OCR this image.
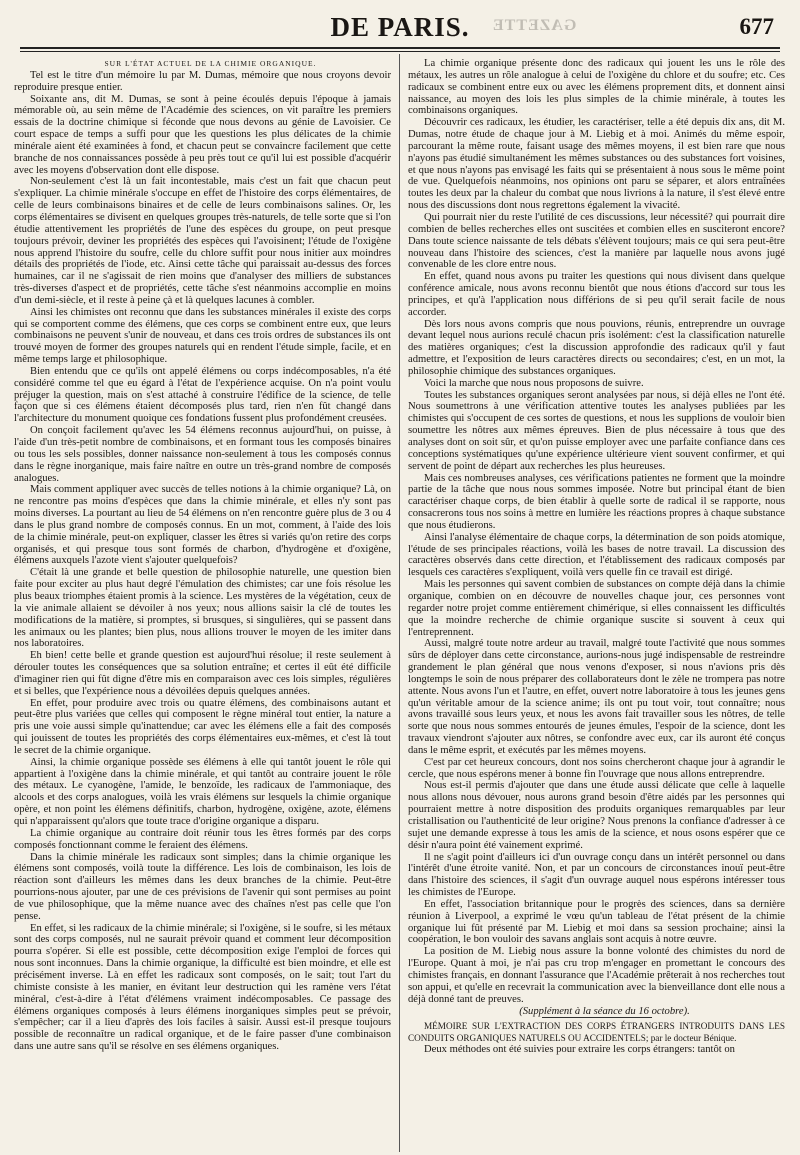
GAZETTE
DE PARIS.	677

SUR L'ÉTAT ACTUEL DE LA CHIMIE ORGANIQUE.

Tel est le titre d'un mémoire lu par M. Dumas, mémoire que nous croyons devoir reproduire presque entier.

Soixante ans, dit M. Dumas, se sont à peine écoulés depuis l'époque à jamais mémorable où, au sein même de l'Académie des sciences, on vit paraître les premiers essais de la doctrine chimique si féconde que nous devons au génie de Lavoisier. Ce court espace de temps a suffi pour que les questions les plus délicates de la chimie minérale aient été examinées à fond, et chacun peut se convaincre facilement que cette branche de nos connaissances possède à peu près tout ce qu'il lui est possible d'acquérir avec les moyens d'observation dont elle dispose.

Non-seulement c'est là un fait incontestable, mais c'est un fait que chacun peut s'expliquer. La chimie minérale s'occupe en effet de l'histoire des corps élémentaires, de celle de leurs combinaisons binaires et de celle de leurs combinaisons salines. Or, les corps élémentaires se divisent en quelques groupes très-naturels, de telle sorte que si l'on étudie attentivement les propriétés de l'une des espèces du groupe, on peut presque toujours prévoir, deviner les propriétés des espèces qui l'avoisinent; l'étude de l'oxigène nous apprend l'histoire du soufre, celle du chlore suffit pour nous initier aux moindres détails des propriétés de l'iode, etc. Ainsi cette tâche qui paraissait au-dessus des forces humaines, car il ne s'agissait de rien moins que d'analyser des milliers de substances très-diverses d'aspect et de propriétés, cette tâche s'est néanmoins accomplie en moins d'un demi-siècle, et il reste à peine çà et là quelques lacunes à combler.

Ainsi les chimistes ont reconnu que dans les substances minérales il existe des corps qui se comportent comme des élémens, que ces corps se combinent entre eux, que leurs combinaisons ne peuvent s'unir de nouveau, et dans ces trois ordres de substances ils ont trouvé moyen de former des groupes naturels qui en rendent l'étude simple, facile, et en même temps large et philosophique.

Bien entendu que ce qu'ils ont appelé élémens ou corps indécomposables, n'a été considéré comme tel que eu égard à l'état de l'expérience acquise. On n'a point voulu préjuger la question, mais on s'est attaché à construire l'édifice de la science, de telle façon que si ces élémens étaient décomposés plus tard, rien n'en fût changé dans l'architecture du monument quoique ces fondations fussent plus profondément creusées.

On conçoit facilement qu'avec les 54 élémens reconnus aujourd'hui, on puisse, à l'aide d'un très-petit nombre de combinaisons, et en formant tous les composés binaires ou tous les sels possibles, donner naissance non-seulement à tous les composés connus dans le règne inorganique, mais faire naître en outre un très-grand nombre de composés analogues.

Mais comment appliquer avec succès de telles notions à la chimie organique? Là, on ne rencontre pas moins d'espèces que dans la chimie minérale, et elles n'y sont pas moins diverses. La pourtant au lieu de 54 élémens on n'en rencontre guère plus de 3 ou 4 dans le plus grand nombre de composés connus. En un mot, comment, à l'aide des lois de la chimie minérale, peut-on expliquer, classer les êtres si variés qu'on retire des corps organisés, et qui presque tous sont formés de charbon, d'hydrogène et d'oxigène, élémens auxquels l'azote vient s'ajouter quelquefois?

C'était là une grande et belle question de philosophie naturelle, une question bien faite pour exciter au plus haut degré l'émulation des chimistes; car une fois résolue les plus beaux triomphes étaient promis à la science. Les mystères de la végétation, ceux de la vie animale allaient se dévoiler à nos yeux; nous allions saisir la clé de toutes les modifications de la matière, si promptes, si brusques, si singulières, qui se passent dans les animaux ou les plantes; bien plus, nous allions trouver le moyen de les imiter dans nos laboratoires.

Eh bien! cette belle et grande question est aujourd'hui résolue; il reste seulement à dérouler toutes les conséquences que sa solution entraîne; et certes il eût été difficile d'imaginer rien qui fût digne d'être mis en comparaison avec ces lois simples, régulières et si belles, que l'expérience nous a dévoilées depuis quelques années.

En effet, pour produire avec trois ou quatre élémens, des combinaisons autant et peut-être plus variées que celles qui composent le règne minéral tout entier, la nature a pris une voie aussi simple qu'inattendue; car avec les élémens elle a fait des composés qui jouissent de toutes les propriétés des corps élémentaires eux-mêmes, et c'est là tout le secret de la chimie organique.

Ainsi, la chimie organique possède ses élémens à elle qui tantôt jouent le rôle qui appartient à l'oxigène dans la chimie minérale, et qui tantôt au contraire jouent le rôle des métaux. Le cyanogène, l'amide, le benzoïde, les radicaux de l'ammoniaque, des alcools et des corps analogues, voilà les vrais élémens sur lesquels la chimie organique opère, et non point les élémens définitifs, charbon, hydrogène, oxigène, azote, élémens qui n'apparaissent qu'alors que toute trace d'origine organique a disparu.

La chimie organique au contraire doit réunir tous les êtres formés par des corps composés fonctionnant comme le feraient des élémens.

Dans la chimie minérale les radicaux sont simples; dans la chimie organique les élémens sont composés, voilà toute la différence. Les lois de combinaison, les lois de réaction sont d'ailleurs les mêmes dans les deux branches de la chimie. Peut-être pourrions-nous ajouter, par une de ces prévisions de l'avenir qui sont permises au point de vue philosophique, que la même nuance avec des chaînes n'est pas celle que l'on pense.

En effet, si les radicaux de la chimie minérale; si l'oxigène, si le soufre, si les métaux sont des corps composés, nul ne saurait prévoir quand et comment leur décomposition pourra s'opérer. Si elle est possible, cette décomposition exige l'emploi de forces qui nous sont inconnues. Dans la chimie organique, la difficulté est bien moindre, et elle est précisément inverse. Là en effet les radicaux sont composés, on le sait; tout l'art du chimiste consiste à les manier, en évitant leur destruction qui les ramène vers l'état minéral, c'est-à-dire à l'état d'élémens vraiment indécomposables. Ce passage des élémens organiques composés à leurs élémens inorganiques simples peut se prévoir, s'empêcher; car il a lieu d'après des lois faciles à saisir. Aussi est-il presque toujours possible de reconnaître un radical organique, et de le faire passer d'une combinaison dans une autre sans qu'il se résolve en ses élémens organiques.

La chimie organique présente donc des radicaux qui jouent les uns le rôle des métaux, les autres un rôle analogue à celui de l'oxigène du chlore et du soufre; etc. Ces radicaux se combinent entre eux ou avec les élémens proprement dits, et donnent ainsi naissance, au moyen des lois les plus simples de la chimie minérale, à toutes les combinaisons organiques.

Découvrir ces radicaux, les étudier, les caractériser, telle a été depuis dix ans, dit M. Dumas, notre étude de chaque jour à M. Liebig et à moi. Animés du même espoir, parcourant la même route, faisant usage des mêmes moyens, il est bien rare que nous n'ayons pas étudié simultanément les mêmes substances ou des substances fort voisines, et que nous n'ayons pas envisagé les faits qui se présentaient à nous sous le même point de vue. Quelquefois néanmoins, nos opinions ont paru se séparer, et alors entraînées toutes les deux par la chaleur du combat que nous livrions à la nature, il s'est élevé entre nous des discussions dont nous regrettons également la vivacité.

Qui pourrait nier du reste l'utilité de ces discussions, leur nécessité? qui pourrait dire combien de belles recherches elles ont suscitées et combien elles en susciteront encore? Dans toute science naissante de tels débats s'élèvent toujours; mais ce qui sera peut-être nouveau dans l'histoire des sciences, c'est la manière par laquelle nous avons jugé convenable de les clore entre nous.

En effet, quand nous avons pu traiter les questions qui nous divisent dans quelque conférence amicale, nous avons reconnu bientôt que nous étions d'accord sur tous les principes, et qu'à l'application nous différions de si peu qu'il serait facile de nous accorder.

Dès lors nous avons compris que nous pouvions, réunis, entreprendre un ouvrage devant lequel nous aurions reculé chacun pris isolément: c'est la classification naturelle des matières organiques; c'est la discussion approfondie des radicaux qu'il y faut admettre, et l'exposition de leurs caractères directs ou secondaires; c'est, en un mot, la philosophie chimique des substances organiques.

Voici la marche que nous nous proposons de suivre.

Toutes les substances organiques seront analysées par nous, si déjà elles ne l'ont été. Nous soumettrons à une vérification attentive toutes les analyses publiées par les chimistes qui s'occupent de ces sortes de questions, et nous les supplions de vouloir bien soumettre les nôtres aux mêmes épreuves. Bien de plus nécessaire à tous que des analyses dont on soit sûr, et qu'on puisse employer avec une parfaite confiance dans ces conceptions systématiques qu'une expérience ultérieure vient souvent confirmer, et qui servent de point de départ aux recherches les plus heureuses.

Mais ces nombreuses analyses, ces vérifications patientes ne forment que la moindre partie de la tâche que nous nous sommes imposée. Notre but principal étant de bien caractériser chaque corps, de bien établir à quelle sorte de radical il se rapporte, nous consacrerons tous nos soins à mettre en lumière les réactions propres à chaque substance que nous étudierons.

Ainsi l'analyse élémentaire de chaque corps, la détermination de son poids atomique, l'étude de ses principales réactions, voilà les bases de notre travail. La discussion des caractères observés dans cette direction, et l'établissement des radicaux composés par lesquels ces caractères s'expliquent, voilà vers quelle fin ce travail est dirigé.

Mais les personnes qui savent combien de substances on compte déjà dans la chimie organique, combien on en découvre de nouvelles chaque jour, ces personnes vont regarder notre projet comme entièrement chimérique, si elles connaissent les difficultés que la moindre recherche de chimie organique suscite si souvent à ceux qui l'entreprennent.

Aussi, malgré toute notre ardeur au travail, malgré toute l'activité que nous sommes sûrs de déployer dans cette circonstance, aurions-nous jugé indispensable de restreindre grandement le plan général que nous venons d'exposer, si nous n'avions pris dès longtemps le soin de nous préparer des collaborateurs dont le zèle ne trompera pas notre attente. Nous avons l'un et l'autre, en effet, ouvert notre laboratoire à tous les jeunes gens qu'un véritable amour de la science anime; ils ont pu tout voir, tout connaître; nous avons travaillé sous leurs yeux, et nous les avons fait travailler sous les nôtres, de telle sorte que nous nous sommes entourés de jeunes émules, l'espoir de la science, dont les travaux viendront s'ajouter aux nôtres, se confondre avec eux, car ils auront été conçus dans le même esprit, et exécutés par les mêmes moyens.

C'est par cet heureux concours, dont nos soins chercheront chaque jour à agrandir le cercle, que nous espérons mener à bonne fin l'ouvrage que nous allons entreprendre.

Nous est-il permis d'ajouter que dans une étude aussi délicate que celle à laquelle nous allons nous dévouer, nous aurons grand besoin d'être aidés par les personnes qui pourraient mettre à notre disposition des produits organiques remarquables par leur cristallisation ou l'authenticité de leur origine? Nous prenons la confiance d'adresser à ce sujet une demande expresse à tous les amis de la science, et nous osons espérer que ce désir n'aura point été vainement exprimé.

Il ne s'agit point d'ailleurs ici d'un ouvrage conçu dans un intérêt personnel ou dans l'intérêt d'une étroite vanité. Non, et par un concours de circonstances inouï peut-être dans l'histoire des sciences, il s'agit d'un ouvrage auquel nous espérons intéresser tous les chimistes de l'Europe.

En effet, l'association britannique pour le progrès des sciences, dans sa dernière réunion à Liverpool, a exprimé le vœu qu'un tableau de l'état présent de la chimie organique lui fût présenté par M. Liebig et moi dans sa session prochaine; ainsi la coopération, le bon vouloir des savans anglais sont acquis à notre œuvre.

La position de M. Liebig nous assure la bonne volonté des chimistes du nord de l'Europe. Quant à moi, je n'ai pas cru trop m'engager en promettant le concours des chimistes français, en donnant l'assurance que l'Académie prêterait à nos recherches tout son appui, et qu'elle en recevrait la communication avec la bienveillance dont elle nous a déjà donné tant de preuves.

(Supplément à la séance du 16 octobre).

MÉMOIRE SUR L'EXTRACTION DES CORPS ÉTRANGERS INTRODUITS DANS LES CONDUITS ORGANIQUES NATURELS OU ACCIDENTELS; par le docteur Bénique.

Deux méthodes ont été suivies pour extraire les corps étrangers: tantôt on
